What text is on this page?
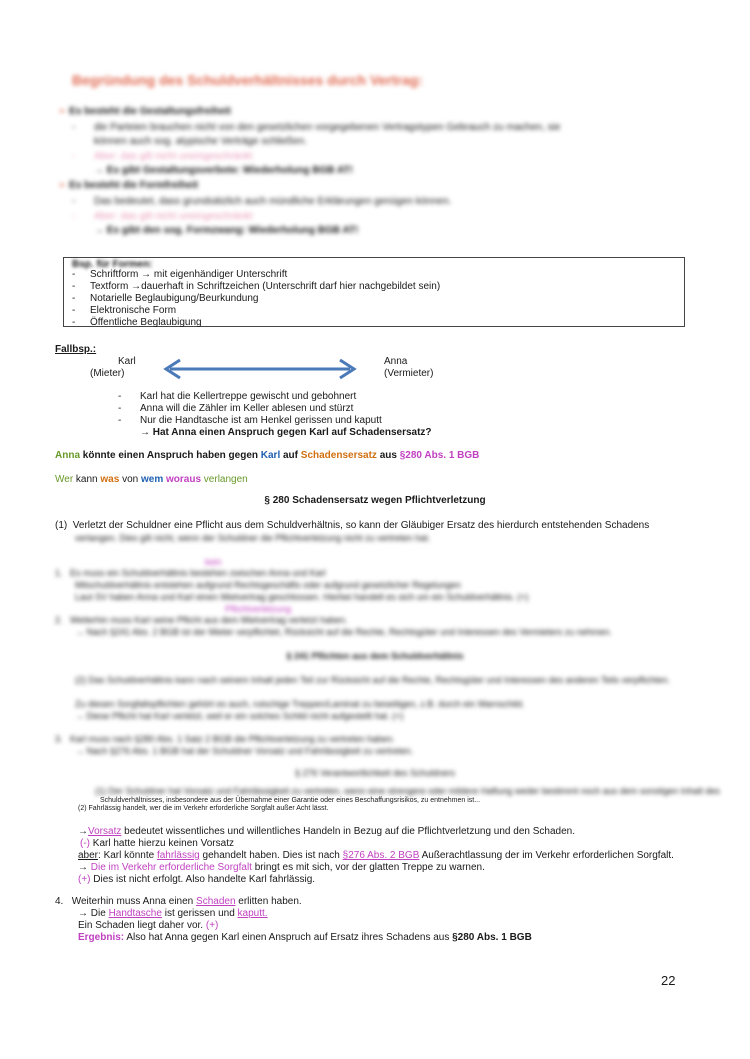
Begründung des Schuldverhältnisses durch Vertrag:
➢ Es besteht die Gestaltungsfreiheit
- die Parteien brauchen nicht von den gesetzlichen vorgegebenen Vertragstypen Gebrauch zu machen, sie
können auch sog. atypische Verträge schließen.
- Aber: das gilt nicht uneingeschränkt
→ Es gibt Gestaltungsverbote: Wiederholung BGB AT!
➢ Es besteht die Formfreiheit
- Das bedeutet, dass grundsätzlich auch mündliche Erklärungen genügen können.
- Aber: das gilt nicht uneingeschränkt
→ Es gibt den sog. Formzwang: Wiederholung BGB AT!
Bsp. für Formen:
- Schriftform → mit eigenhändiger Unterschrift
- Textform →dauerhaft in Schriftzeichen (Unterschrift darf hier nachgebildet sein)
- Notarielle Beglaubigung/Beurkundung
- Elektronische Form
- Öffentliche Beglaubigung
Fallbsp.:
Karl
(Mieter)
Anna
(Vermieter)
- Karl hat die Kellertreppe gewischt und gebohnert
- Anna will die Zähler im Keller ablesen und stürzt
- Nur die Handtasche ist am Henkel gerissen und kaputt
→ Hat Anna einen Anspruch gegen Karl auf Schadensersatz?
Anna könnte einen Anspruch haben gegen Karl auf Schadensersatz aus §280 Abs. 1 BGB
Wer kann was von wem woraus verlangen
§ 280 Schadensersatz wegen Pflichtverletzung
(1) Verletzt der Schuldner eine Pflicht aus dem Schuldverhältnis, so kann der Gläubiger Ersatz des hierdurch entstehenden Schadens
verlangen. Dies gilt nicht, wenn der Schuldner die Pflichtverletzung nicht zu vertreten hat.
kein
1.   Es muss ein Schuldverhältnis bestehen zwischen Anna und Karl
Mitschuldverhältnis entstehen aufgrund Rechtsgeschäfts oder aufgrund gesetzlicher Regelungen
Laut SV haben Anna und Karl einen Mietvertrag geschlossen. Hierbei handelt es sich um ein Schuldverhältnis. (+)
Pflichtverletzung
2.   Weiterhin muss Karl seine Pflicht aus dem Mietvertrag verletzt haben.
→ Nach §241 Abs. 2 BGB ist der Mieter verpflichtet, Rücksicht auf die Rechte, Rechtsgüter und Interessen des Vermieters zu nehmen.
§ 241 Pflichten aus dem Schuldverhältnis
(2) Das Schuldverhältnis kann nach seinem Inhalt jeden Teil zur Rücksicht auf die Rechte, Rechtsgüter und Interessen des anderen Teils verpflichten.
Zu diesen Sorgfaltspflichten gehört es auch, rutschige Treppen/Laminat zu beseitigen, z.B. durch ein Warnschild.
→ Diese Pflicht hat Karl verletzt, weil er ein solches Schild nicht aufgestellt hat. (+)
3.   Karl muss nach §280 Abs. 1 Satz 2 BGB die Pflichtverletzung zu vertreten haben.
→ Nach §276 Abs. 1 BGB hat der Schuldner Vorsatz und Fahrlässigkeit zu vertreten.
§ 276 Verantwortlichkeit des Schuldners
(1) Der Schuldner hat Vorsatz und Fahrlässigkeit zu vertreten, wenn eine strengere oder mildere Haftung weder bestimmt noch aus dem sonstigen Inhalt des
Schuldverhältnisses, insbesondere aus der Übernahme einer Garantie oder eines Beschaffungsrisikos, zu entnehmen ist...
(2) Fahrlässig handelt, wer die im Verkehr erforderliche Sorgfalt außer Acht lässt.
→Vorsatz bedeutet wissentliches und willentliches Handeln in Bezug auf die Pflichtverletzung und den Schaden.
(-) Karl hatte hierzu keinen Vorsatz
aber: Karl könnte fahrlässig gehandelt haben. Dies ist nach §276 Abs. 2 BGB Außerachtlassung der im Verkehr erforderlichen Sorgfalt.
→ Die im Verkehr erforderliche Sorgfalt bringt es mit sich, vor der glatten Treppe zu warnen.
(+) Dies ist nicht erfolgt. Also handelte Karl fahrlässig.
4. Weiterhin muss Anna einen Schaden erlitten haben.
→ Die Handtasche ist gerissen und kaputt.
Ein Schaden liegt daher vor. (+)
Ergebnis: Also hat Anna gegen Karl einen Anspruch auf Ersatz ihres Schadens aus §280 Abs. 1 BGB
22
